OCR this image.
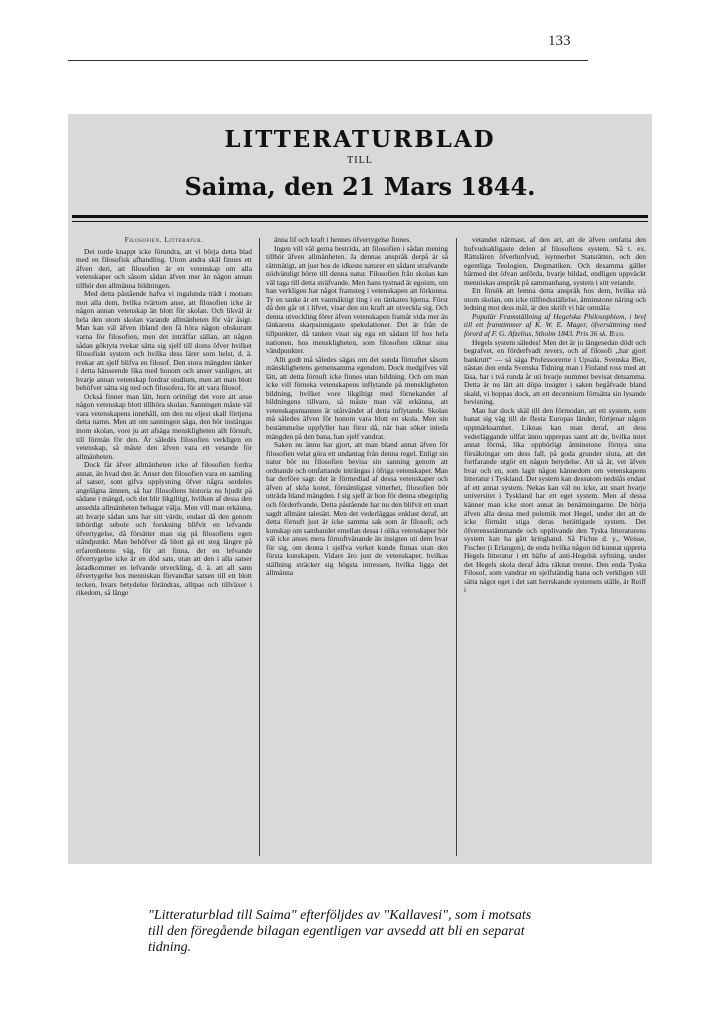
133
LITTERATURBLAD
TILL
Saima, den 21 Mars 1844.

Filosofien. Litteratur.

Det torde knappt icke förundra, att vi börja detta blad med en filosofisk afhandling. Utom andra skäl finnes ett äfven deri, att filosofien är en vetenskap om alla vetenskaper och såsom sådan äfven mer än någon annan tillhör den allmänna bildningen.

Med detta påstående hafva vi ingalunda trädt i motsats mot alla dem, hvilka tvärtom anse, att filosofien icke är någon annan vetenskap än blott för skolan. Och likväl är hela den utom skolan varande allmänheten för vår åsigt. Man kan väl äfven ibland den få höra någon obskurant varna för filosofien, men det inträffar sällan, att någon sådan göktyta tvekar sätta sig sjelf till doms öfver hvilket filosofiskt system och hvilka dess lärer som helst, d. ä. tvekar att sjelf blifva en filosof. Den stora mängden tänker i detta hänseende lika med honom och anser vanligen, att hvarje annan vetenskap fordrar studium, men att man blott behöfver sätta sig ned och filosofera, för att vara filosof.

Också finner man lätt, hurn orimligt det vore att anse någon vetenskap blott tillhöra skolan. Sanningen måste väl vara vetenskapens innehåll, om den nu eljest skall förtjena detta namn. Men att om sanningen säga, den bör instängas inom skolan, vore ju att afsäga menskligheten allt förnuft, till förmån för den. Är såledés filosofien verkligen en vetenskap, så måste den äfven vara ett vetande för allmänheten.

Dock får äfver allmänheten icke af filosofien fordra annat, än hvad den är. Anser den filosofien vara en samling af satser, som gifva upplysning öfver några serdeles angelägna ämnen, så har filosofiens historia nu hjudit på sådane i mängd, och det blir likgiltigt, hvilken af dessa den ansedda allmänheten behagar välja. Men vill man erkänna, att hvarje sådan sats har sitt värde, endast då den genom inbördigt sebole och forskning blifvit en lefvande öfvertygelse, då försätter man sig på filosofiens egen ståndpunkt. Man behöfver då blott gå ett steg längre på erfarenhetens väg, för att finna, det en lefvande öfvertygelse icke är en död sats, utan att den i alla satser åstadkommer en lefvande utveckling, d. ä. att all sann öfvertygelse hos menniskan förvandlar satsen till ett blott tecken, hvars betydelse förändras, alltpas och tillväxer i rikedom, så länge

änna lif och kraft i hennes öfvertygelse finnes.

Ingen vill väl gerna bestrida, att filosofien i sådan mening tillhör äfven allmänheten. Ja dennas anspråk derpå är så rättmätigt, att just hos de idkeste naturer ett sådant strafvande nödvändigt börre till denna natur. Filosofien från skolan kan väl taga till detta sträfvande. Men hans tystnad är egoism, om han verkligen har något framsteg i vetenskapen att förkunna. Ty en tanke är ett vanmäktigt ting i en tänkares hjerna. Först då den går ut i lifvet, visar den sin kraft att utveckla sig. Och denna utveckling förer äfven vetenskapen framåt vida mer än tänkarens skarpsinnigaste spekulationer. Det är från de tillpunkter, då tanken visat sig ega ett sådant lif hos hela nationen, hos menskligheten, som filosofien räknar sina vändpunkter.

Allt godt må således sägas om det sunda förnuftet såsom mänsklighetens gemensamma egendom. Dock medgifves väl lätt, att detta förnuft icke finnes utan bildning. Och om man icke vill förneka vetenskapens inflytande på menskligheten bildning, hvilket vore likgiltigt med förnekandet af bildningens tillvaro, så måste man väl erkänna, att vetenskapsmannen är utåtvändet af detta inflytande. Skolan må således äfven för honom vara blott en skola. Men sin bestämmelse uppfyller han först då, när han söker inleda mängden på den bana, han sjelf vandrat.

Saken nu ännu har gjort, att man bland annat äfven för filosofien velat göra ett undantag från denna regel. Enligt sin natur bör nu filosofien bevisa sin sanning genom att ordnande och omfattande inträngas i öfriga vetenskaper. Man har derföre sagt: det är förmedlad af dessa vetenskaper och äfven af sköa konst, förnämligast vitterhet, filosofien bör utträda bland mängden. I sig sjelf är hon för denna obegriplig och förderfvande. Detta påstående har nu den blifvit ett snart sagdt allmänt talesätt. Men det vederläggas enklast deraf, att detta förnuft just är icke samma sak som är filosofi; och kunskap om sambandet emellan dessa i olika vetenskaper bör väl icke anses mera förnuftvänande än insigten uti dem hvar för sig, om denna i sjelfva verket kunde finnas utan den första kunskapen. Vidare äro just de vetenskaper, hvilkas ställning sträcker sig högsta intressen, hvilka ligga det allmänna

vetandet närmast, af den art, att de äfven omfatta den hufvudsakligaste delen af filosofiens system. Så t. ex. Rättslären öfverlunfvud, isynnerhet Statsrätten, och den egentliga Teologien, Dogmatiken. Och desamma gäller härmed det öfvan anförda, hvarje bildad, endligen uppväckt menniskas anspråk på sammanhang, system i sitt vetande.

Ett försök att lemna detta anspråk hos dem, hvilka stå utom skolan, om icke tillfredsställelse, åtminstone näring och ledning mot dess mål, är den skrift vi här omnäla:

Populär Framställning af Hegelska Philosophiem, i bref till ett framtimmer af K. W. E. Mager, öfversättning med förord af F. G. Afzelius, Stholm 1843. Pris 36 sk. B:co.

Hegels system säledes! Men det är ju längesedan dödt och begrafvet, en förderfvadt revers, och af filosofi ,,har gjort bankrutt“ — så säga Professorerne i Upsala. Svenska Biet, nästan den enda Svenska Tidning man i Finland ross med att läsa, har i två runda år uti hvarje nummer bevisat detsamma. Detta är nu lätt att döpa insigter i saken begåfvade bland skald, vi hoppas dock, att ett decennium förtsätta sin lysande bevisning.

Man har dock skäl till den förmodan, att ett system, som banat sig väg till de flesta Europas länder, förtjenar någon uppmärksamhet. Liknas kan man deraf, att dess vederläggande ullfat ännu upprepas samt att de, hvilka intet annat förmå, lika uppbörligt åtminstone förnya sina försäkringar om dess fall, på goda grunder sluta, att det fortfarande utgör ett någon betydelse. Att så är, vet äfven hvar och en, som lagit någon kännedom om vetenskapens litteratur i Tyskland. Det system kan dessutom nedslås endast af ett annat system. Nekas kan väl nu icke, att snart hvarje universitet i Tyskland har ett eget system. Men af dessa känner man icke stort annat än benämningarne. De börja äfven alla dessa med polemik mot Hegel, under det att de icke förmått stiga deras berättigade system. Det öfverensstämmande och upplivande den Tyska litteraturens system kan ha gått kringhand. Så Fichte d. y., Weisse, Fischer (i Erlangen), de enda hvilka någon tid kunnat uppreta Hegels litteratur i ett häfte af anti-Hegelsk syftning, under det Hegels skola deraf ådra räknat trenne. Den enda Tyska Filosof, som vandrar en sjelfständig bana och verkligen vill sätta något eget i det satt herrskande systemets ställe, är Reiff i

"Litteraturblad till Saima" efterföljdes av "Kallavesi", som i motsats
till den föregående bilagan egentligen var avsedd att bli en separat
tidning.
